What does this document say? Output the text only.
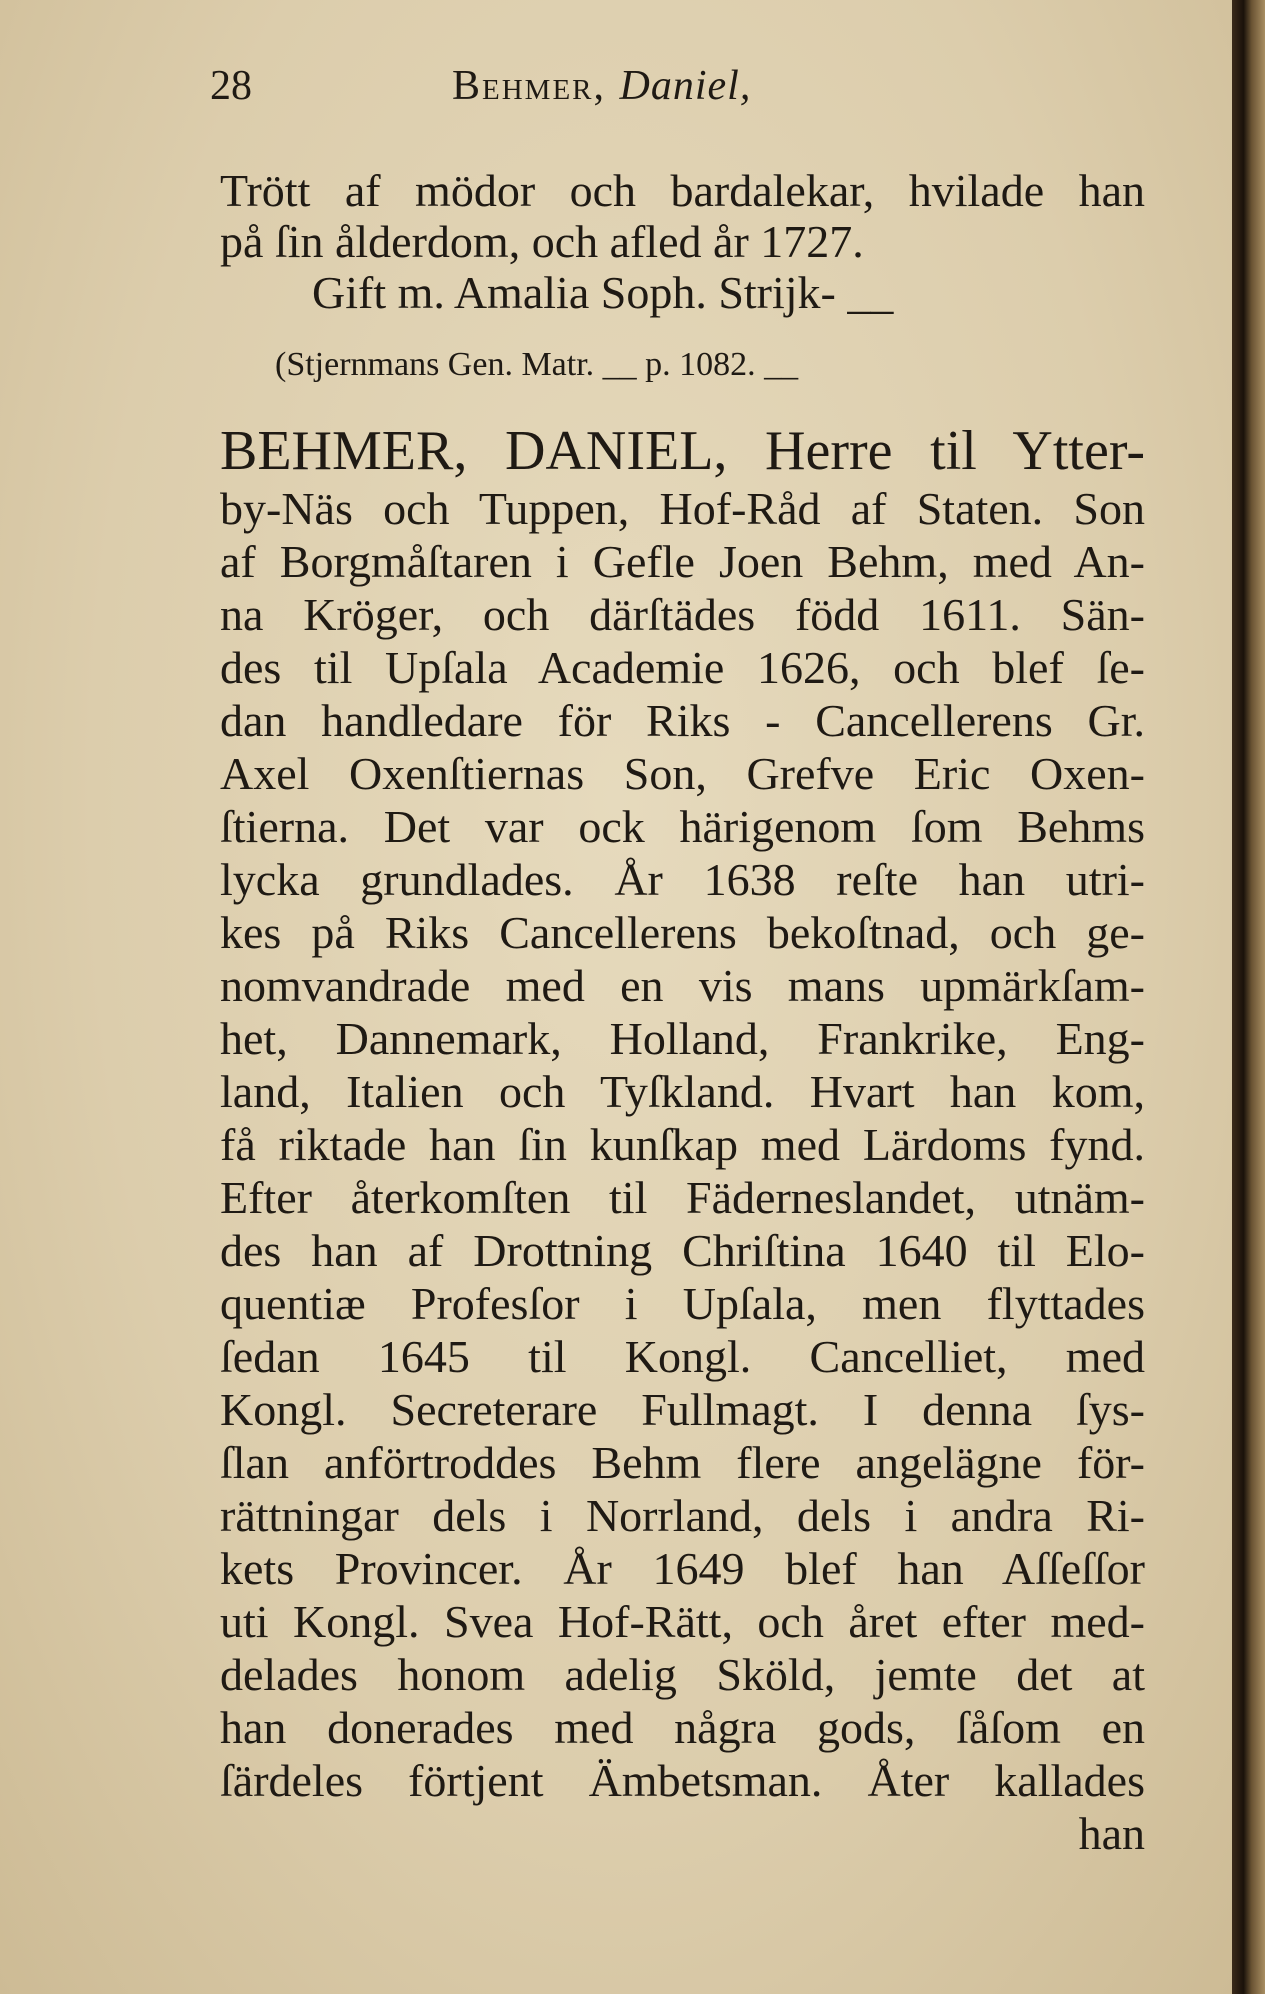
28	Behmer, Daniel,
Trött af mödor och bardalekar, hvilade han
på ſin ålderdom, och afled år 1727.
Gift m. Amalia Soph. Strijk- __
(Stjernmans Gen. Matr. __ p. 1082. __
BEHMER, DANIEL, Herre til Ytter-
by-Näs och Tuppen, Hof-Råd af Staten. Son
af Borgmåſtaren i Gefle Joen Behm, med An-
na Kröger, och därſtädes född 1611. Sän-
des til Upſala Academie 1626, och blef ſe-
dan handledare för Riks - Cancellerens Gr.
Axel Oxenſtiernas Son, Grefve Eric Oxen-
ſtierna. Det var ock härigenom ſom Behms
lycka grundlades. År 1638 reſte han utri-
kes på Riks Cancellerens bekoſtnad, och ge-
nomvandrade med en vis mans upmärkſam-
het, Dannemark, Holland, Frankrike, Eng-
land, Italien och Tyſkland. Hvart han kom,
få riktade han ſin kunſkap med Lärdoms fynd.
Efter återkomſten til Fäderneslandet, utnäm-
des han af Drottning Chriſtina 1640 til Elo-
quentiæ Profesſor i Upſala, men flyttades
ſedan 1645 til Kongl. Cancelliet, med
Kongl. Secreterare Fullmagt. I denna ſys-
ſlan anförtroddes Behm flere angelägne för-
rättningar dels i Norrland, dels i andra Ri-
kets Provincer. År 1649 blef han Aſſeſſor
uti Kongl. Svea Hof-Rätt, och året efter med-
delades honom adelig Sköld, jemte det at
han donerades med några gods, ſåſom en
ſärdeles förtjent Ämbetsman. Åter kallades
han
